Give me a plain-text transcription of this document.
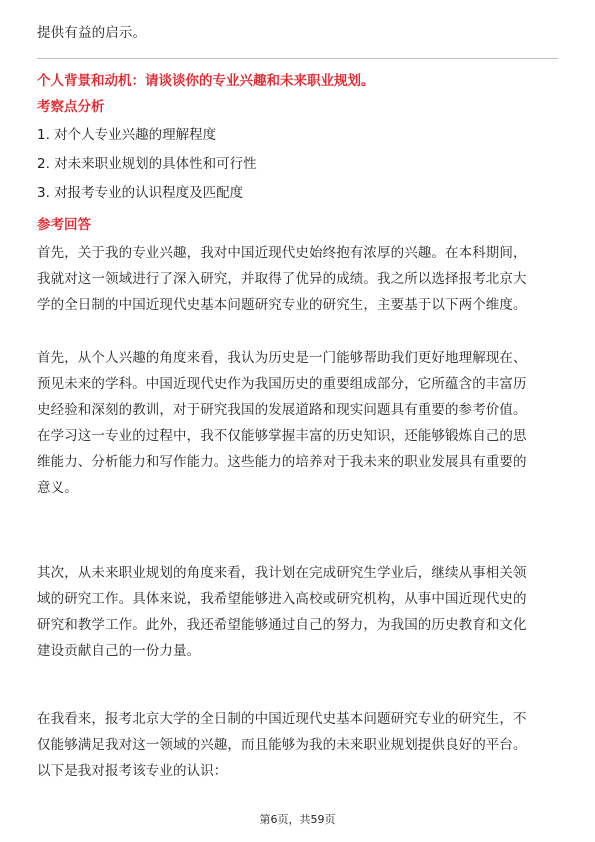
提供有益的启示。
个人背景和动机：请谈谈你的专业兴趣和未来职业规划。
考察点分析
1. 对个人专业兴趣的理解程度
2. 对未来职业规划的具体性和可行性
3. 对报考专业的认识程度及匹配度
参考回答
首先，关于我的专业兴趣，我对中国近现代史始终抱有浓厚的兴趣。在本科期间，
我就对这一领域进行了深入研究，并取得了优异的成绩。我之所以选择报考北京大
学的全日制的中国近现代史基本问题研究专业的研究生，主要基于以下两个维度。
首先，从个人兴趣的角度来看，我认为历史是一门能够帮助我们更好地理解现在、
预见未来的学科。中国近现代史作为我国历史的重要组成部分，它所蕴含的丰富历
史经验和深刻的教训，对于研究我国的发展道路和现实问题具有重要的参考价值。
在学习这一专业的过程中，我不仅能够掌握丰富的历史知识，还能够锻炼自己的思
维能力、分析能力和写作能力。这些能力的培养对于我未来的职业发展具有重要的
意义。
其次，从未来职业规划的角度来看，我计划在完成研究生学业后，继续从事相关领
域的研究工作。具体来说，我希望能够进入高校或研究机构，从事中国近现代史的
研究和教学工作。此外，我还希望能够通过自己的努力，为我国的历史教育和文化
建设贡献自己的一份力量。
在我看来，报考北京大学的全日制的中国近现代史基本问题研究专业的研究生，不
仅能够满足我对这一领域的兴趣，而且能够为我的未来职业规划提供良好的平台。
以下是我对报考该专业的认识：
第6页，共59页
